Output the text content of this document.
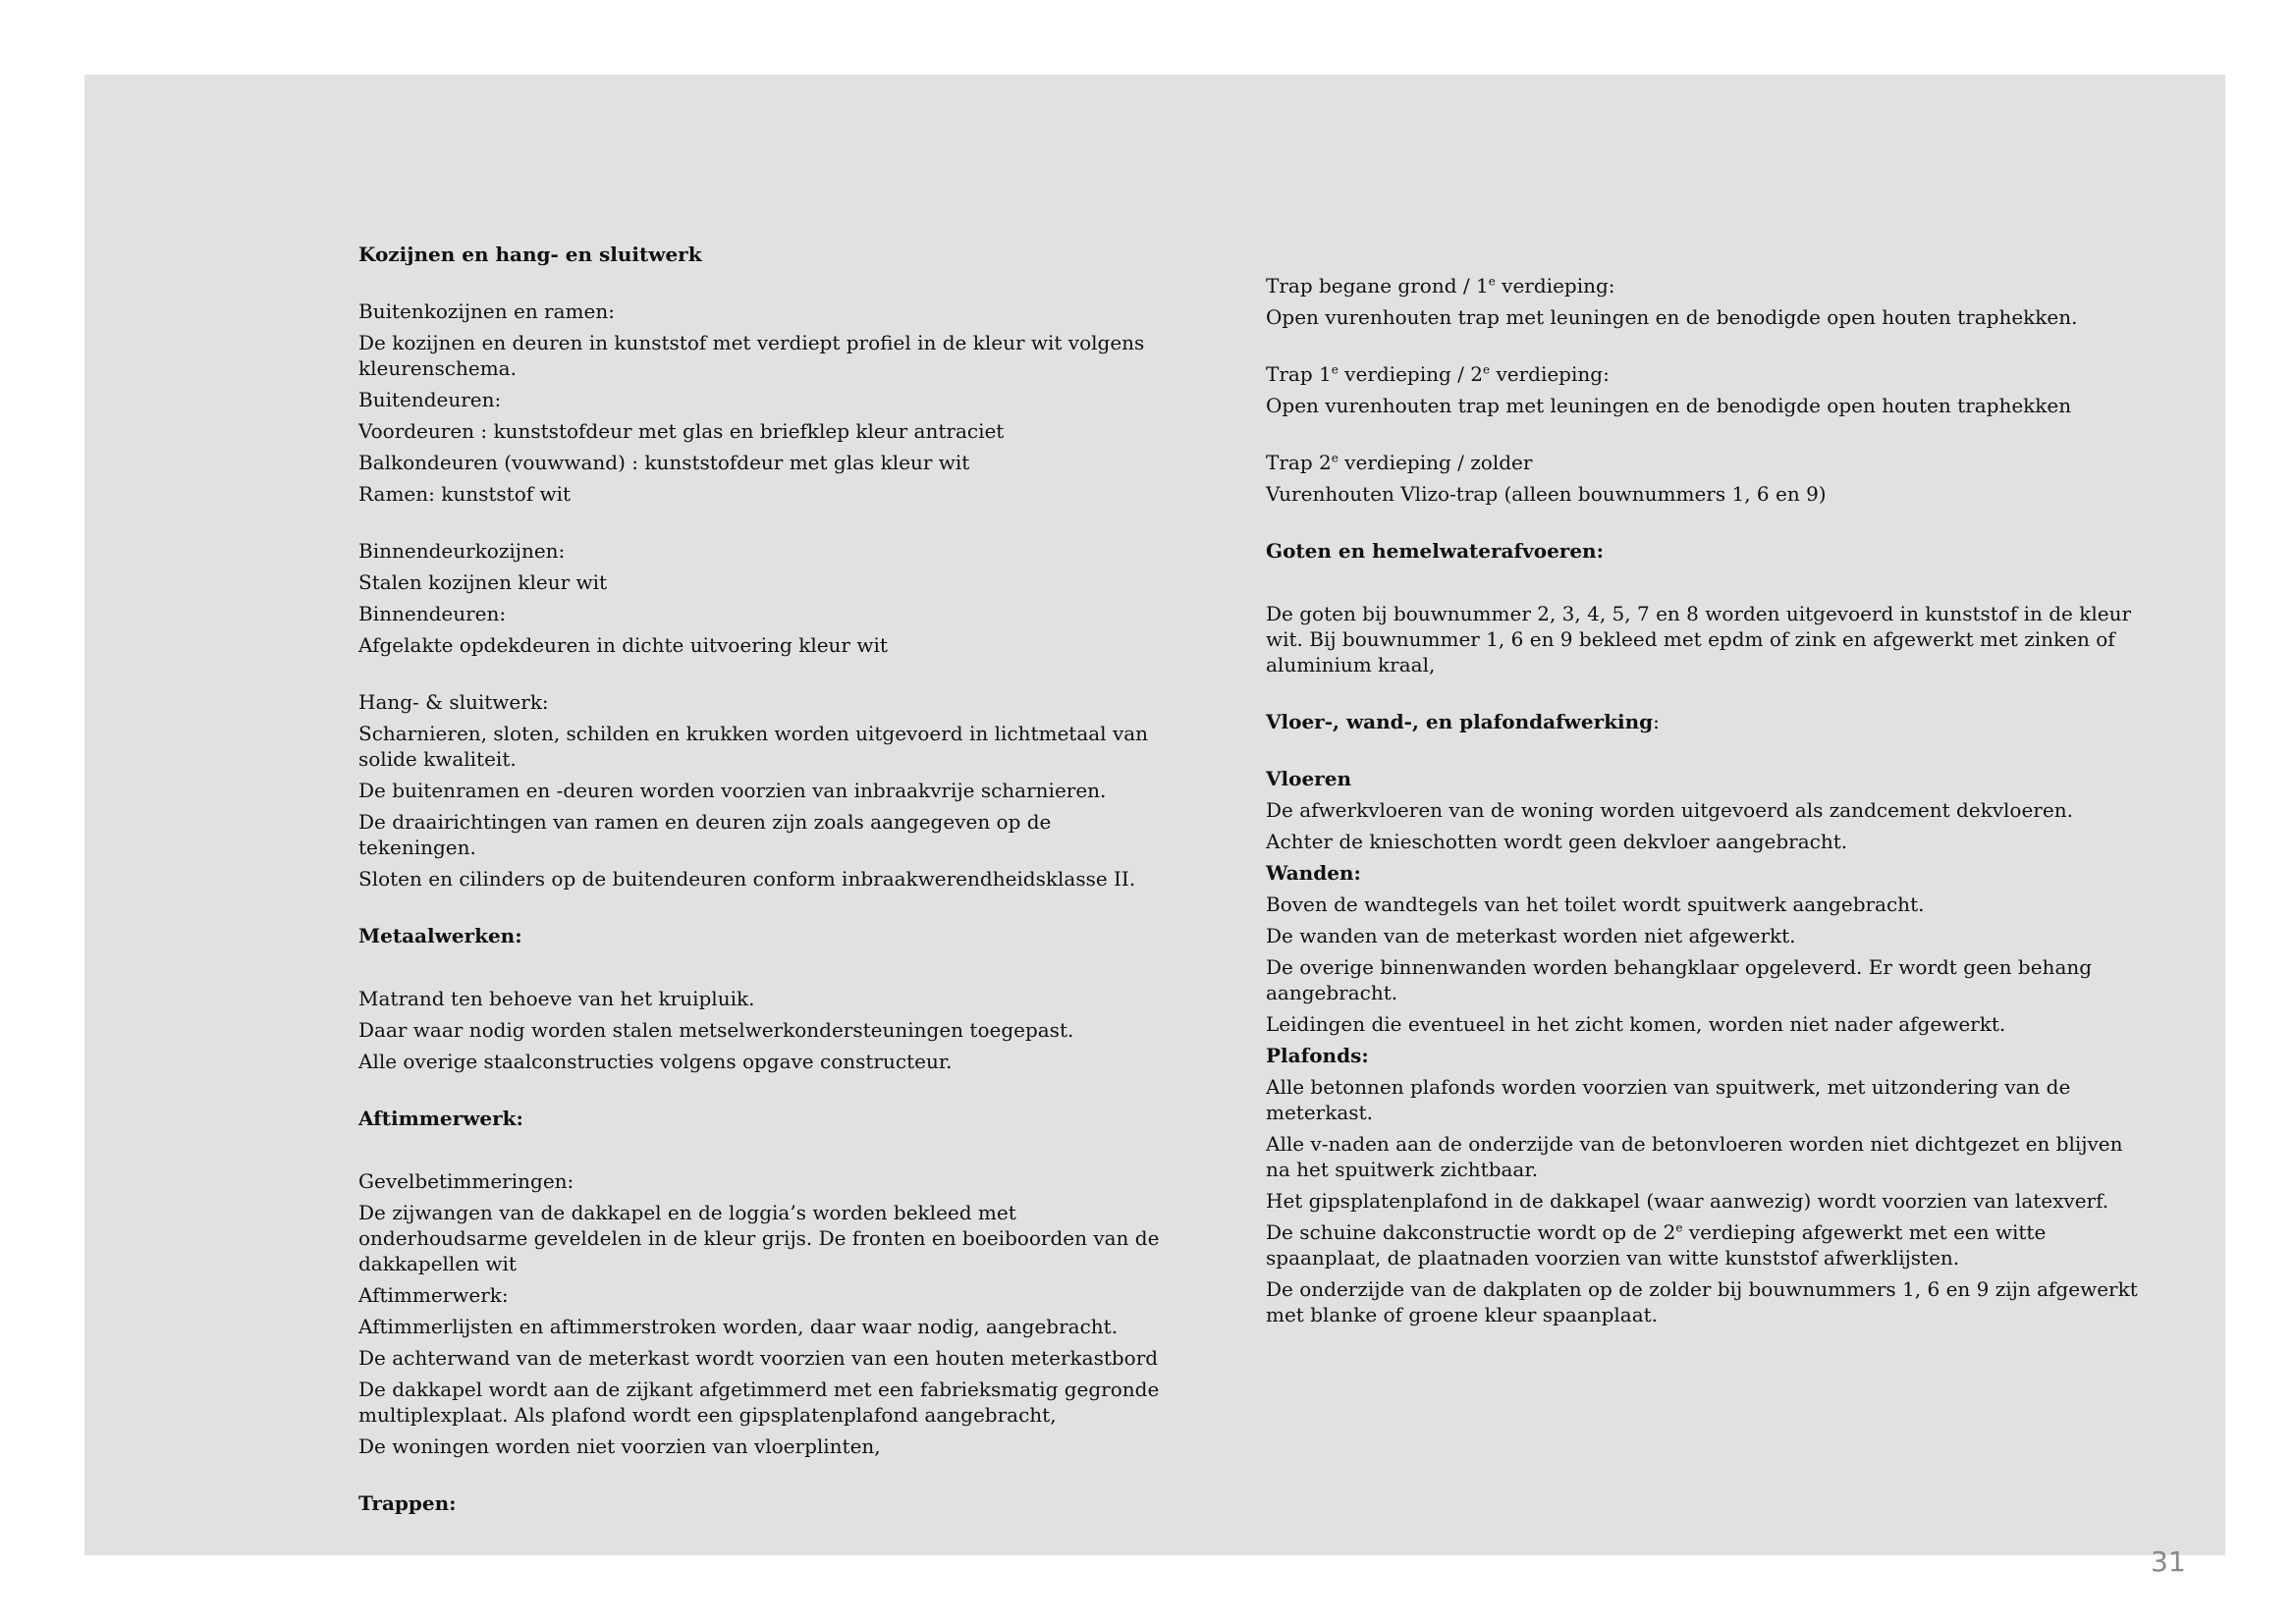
Kozijnen en hang- en sluitwerk

Buitenkozijnen en ramen:

De kozijnen en deuren in kunststof met verdiept profiel in de kleur wit volgens kleurenschema.

Buitendeuren:

Voordeuren : kunststofdeur met glas en briefklep kleur antraciet

Balkondeuren (vouwwand) : kunststofdeur met glas kleur wit

Ramen: kunststof wit

Binnendeurkozijnen:

Stalen kozijnen kleur wit

Binnendeuren:

Afgelakte opdekdeuren in dichte uitvoering kleur wit

Hang- & sluitwerk:

Scharnieren, sloten, schilden en krukken worden uitgevoerd in lichtmetaal van solide kwaliteit.

De buitenramen en -deuren worden voorzien van inbraakvrije scharnieren.

De draairichtingen van ramen en deuren zijn zoals aangegeven op de tekeningen.

Sloten en cilinders op de buitendeuren conform inbraakwerendheidsklasse II.

Metaalwerken:

Matrand ten behoeve van het kruipluik.

Daar waar nodig worden stalen metselwerkondersteuningen toegepast.

Alle overige staalconstructies volgens opgave constructeur.

Aftimmerwerk:

Gevelbetimmeringen:

De zijwangen van de dakkapel en de loggia’s worden bekleed met onderhoudsarme geveldelen in de kleur grijs. De fronten en boeiboorden van de dakkapellen wit

Aftimmerwerk:

Aftimmerlijsten en aftimmerstroken worden, daar waar nodig, aangebracht.

De achterwand van de meterkast wordt voorzien van een houten meterkastbord

De dakkapel wordt aan de zijkant afgetimmerd met een fabrieksmatig gegronde multiplexplaat. Als plafond wordt een gipsplatenplafond aangebracht,

De woningen worden niet voorzien van vloerplinten,

Trappen:

Trap begane grond / 1e verdieping:

Open vurenhouten trap met leuningen en de benodigde open houten traphekken.

Trap 1e verdieping / 2e verdieping:

Open vurenhouten trap met leuningen en de benodigde open houten traphekken

Trap 2e verdieping / zolder

Vurenhouten Vlizo-trap (alleen bouwnummers 1, 6 en 9)

Goten en hemelwaterafvoeren:

De goten bij bouwnummer 2, 3, 4, 5, 7 en 8 worden uitgevoerd in kunststof in de kleur wit. Bij bouwnummer 1, 6 en 9 bekleed met epdm of zink en afgewerkt met zinken of aluminium kraal,

Vloer-, wand-, en plafondafwerking:

Vloeren

De afwerkvloeren van de woning worden uitgevoerd als zandcement dekvloeren.

Achter de knieschotten wordt geen dekvloer aangebracht.

Wanden:

Boven de wandtegels van het toilet wordt spuitwerk aangebracht.

De wanden van de meterkast worden niet afgewerkt.

De overige binnenwanden worden behangklaar opgeleverd. Er wordt geen behang aangebracht.

Leidingen die eventueel in het zicht komen, worden niet nader afgewerkt.

Plafonds:

Alle betonnen plafonds worden voorzien van spuitwerk, met uitzondering van de meterkast.

Alle v-naden aan de onderzijde van de betonvloeren worden niet dichtgezet en blijven na het spuitwerk zichtbaar.

Het gipsplatenplafond in de dakkapel (waar aanwezig) wordt voorzien van latexverf.

De schuine dakconstructie wordt op de 2e verdieping afgewerkt met een witte spaanplaat, de plaatnaden voorzien van witte kunststof afwerklijsten.

De onderzijde van de dakplaten op de zolder bij bouwnummers 1, 6 en 9 zijn afgewerkt met blanke of groene kleur spaanplaat.

31
